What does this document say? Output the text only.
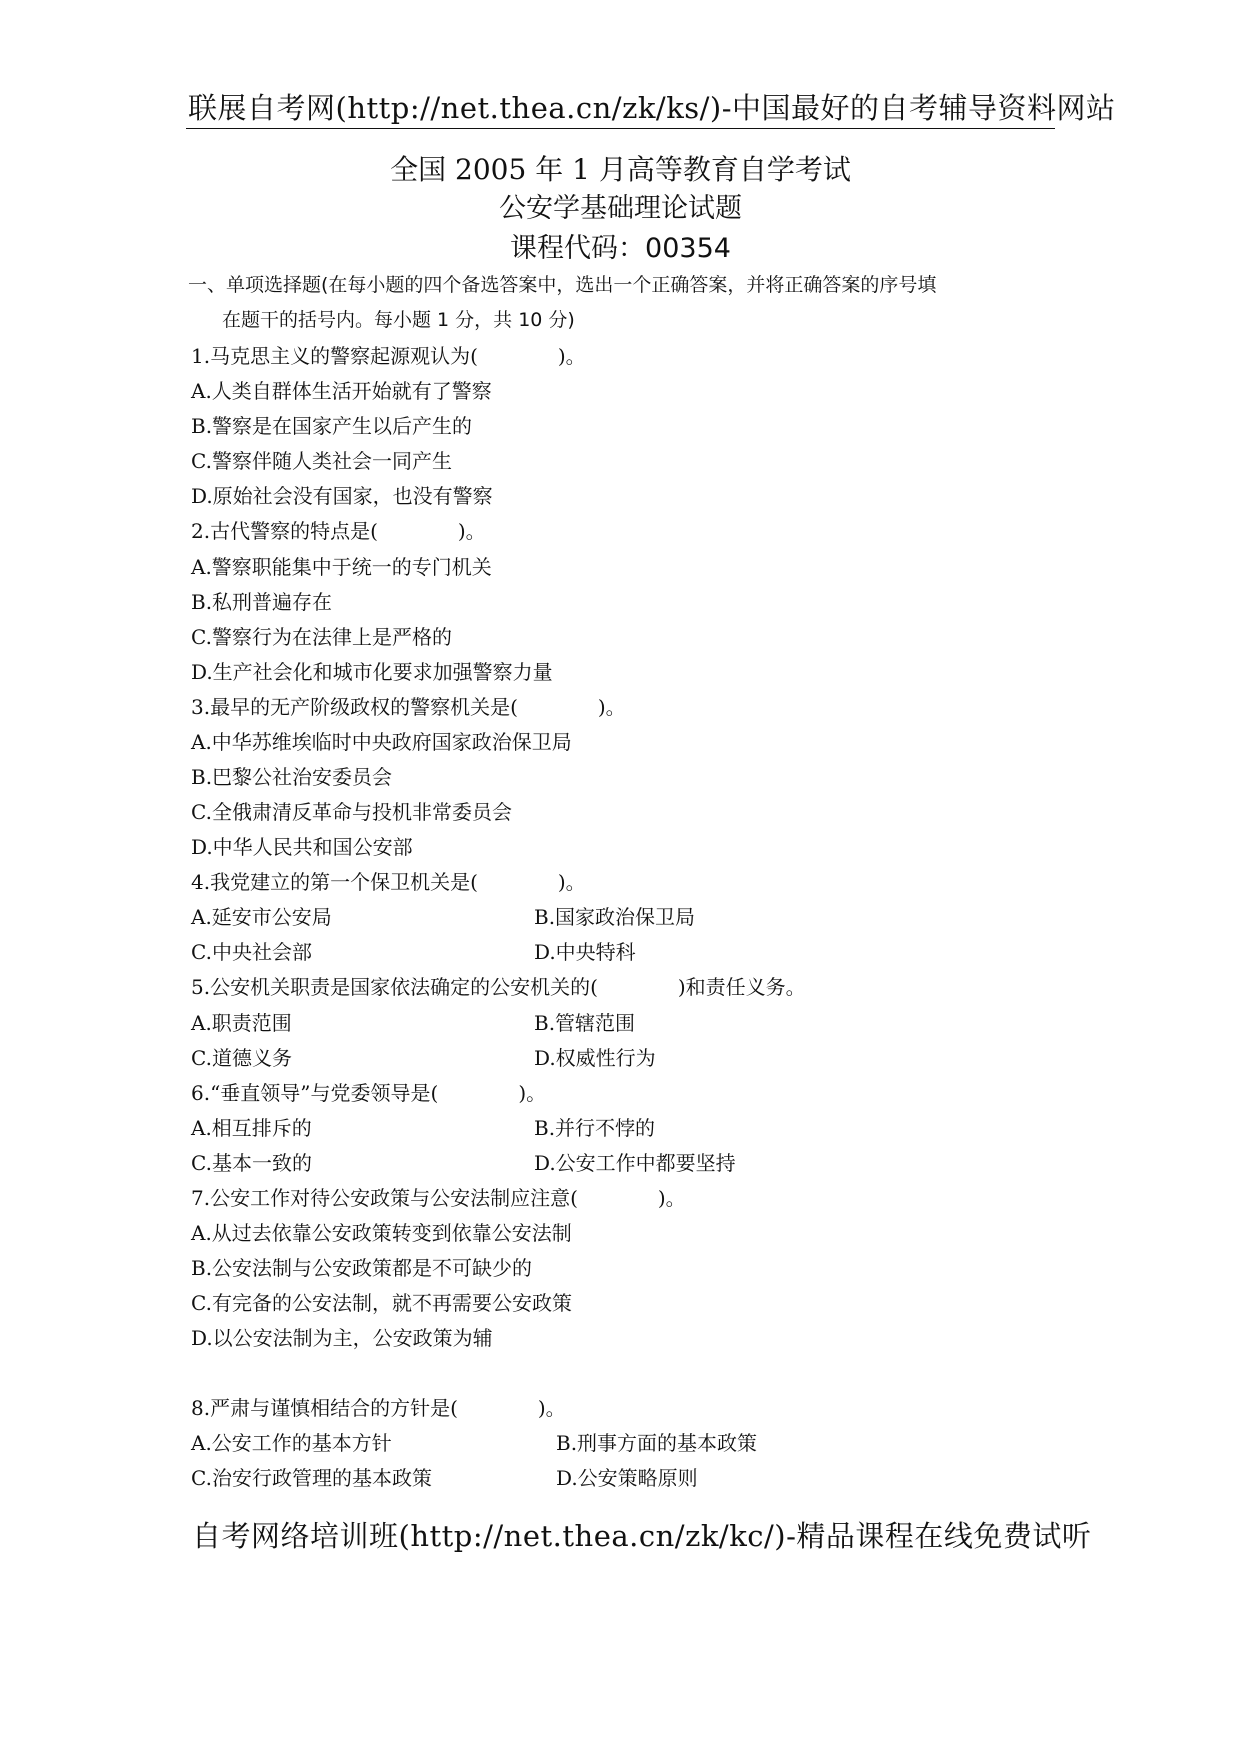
联展自考网(http://net.thea.cn/zk/ks/)-中国最好的自考辅导资料网站
全国 2005 年 1 月高等教育自学考试
公安学基础理论试题
课程代码：00354
一、单项选择题(在每小题的四个备选答案中，选出一个正确答案，并将正确答案的序号填
在题干的括号内。每小题 1 分，共 10 分)
1.马克思主义的警察起源观认为(　　　　)。
A.人类自群体生活开始就有了警察
B.警察是在国家产生以后产生的
C.警察伴随人类社会一同产生
D.原始社会没有国家，也没有警察
2.古代警察的特点是(　　　　)。
A.警察职能集中于统一的专门机关
B.私刑普遍存在
C.警察行为在法律上是严格的
D.生产社会化和城市化要求加强警察力量
3.最早的无产阶级政权的警察机关是(　　　　)。
A.中华苏维埃临时中央政府国家政治保卫局
B.巴黎公社治安委员会
C.全俄肃清反革命与投机非常委员会
D.中华人民共和国公安部
4.我党建立的第一个保卫机关是(　　　　)。
A.延安市公安局	B.国家政治保卫局
C.中央社会部	D.中央特科
5.公安机关职责是国家依法确定的公安机关的(　　　　)和责任义务。
A.职责范围	B.管辖范围
C.道德义务	D.权威性行为
6.“垂直领导”与党委领导是(　　　　)。
A.相互排斥的	B.并行不悖的
C.基本一致的	D.公安工作中都要坚持
7.公安工作对待公安政策与公安法制应注意(　　　　)。
A.从过去依靠公安政策转变到依靠公安法制
B.公安法制与公安政策都是不可缺少的
C.有完备的公安法制，就不再需要公安政策
D.以公安法制为主，公安政策为辅
8.严肃与谨慎相结合的方针是(　　　　)。
A.公安工作的基本方针	B.刑事方面的基本政策
C.治安行政管理的基本政策	D.公安策略原则
自考网络培训班(http://net.thea.cn/zk/kc/)-精品课程在线免费试听
